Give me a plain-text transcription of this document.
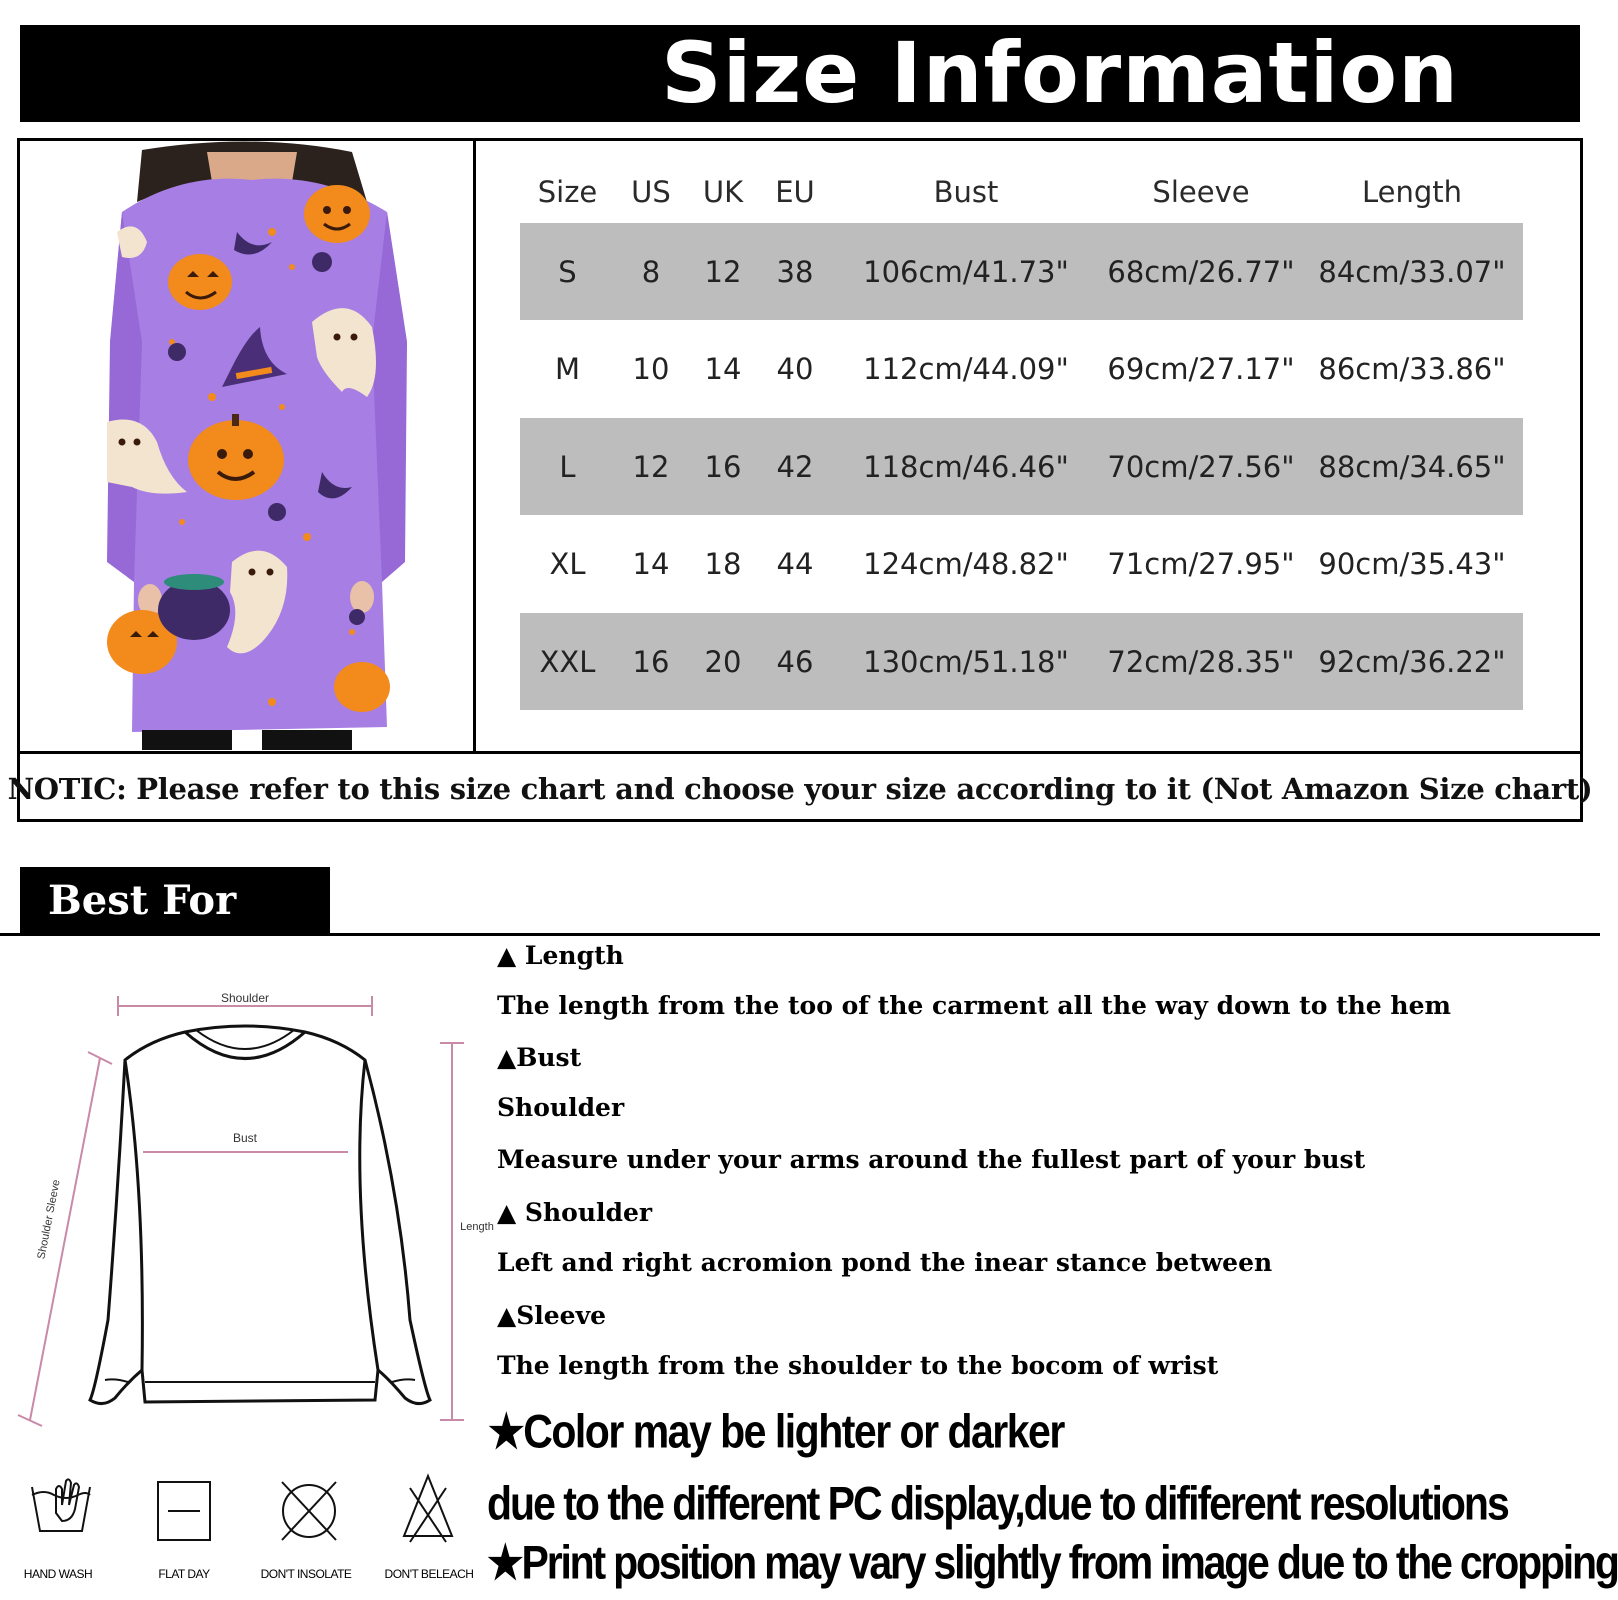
Size Information
Size	US	UK	EU	Bust	Sleeve	Length
S	8	12	38	106cm/41.73"	68cm/26.77" 84cm/33.07"
M	10	14	40	112cm/44.09"	69cm/27.17" 86cm/33.86"
L	12	16	42	118cm/46.46"	70cm/27.56" 88cm/34.65"
XL	14	18	44	124cm/48.82"	71cm/27.95" 90cm/35.43"
XXL	16	20	46	130cm/51.18"	72cm/28.35" 92cm/36.22"
NOTIC: Please refer to this size chart and choose your size according to it (Not Amazon Size chart)
Best For You
Shoulder
Bust
Length
Shoulder Sleeve
▲ Length
The length from the too of the carment all the way down to the hem
▲Bust
Shoulder
Measure under your arms around the fullest part of your bust
▲ Shoulder
Left and right acromion pond the inear stance between
▲Sleeve
The length from the shoulder to the bocom of wrist
★Color may be lighter or darker
due to the different PC display,due to dififerent resolutions
★Print position may vary slightly from image due to the cropping
HAND WASH	FLAT DAY	DON'T INSOLATE	DON'T BELEACH
